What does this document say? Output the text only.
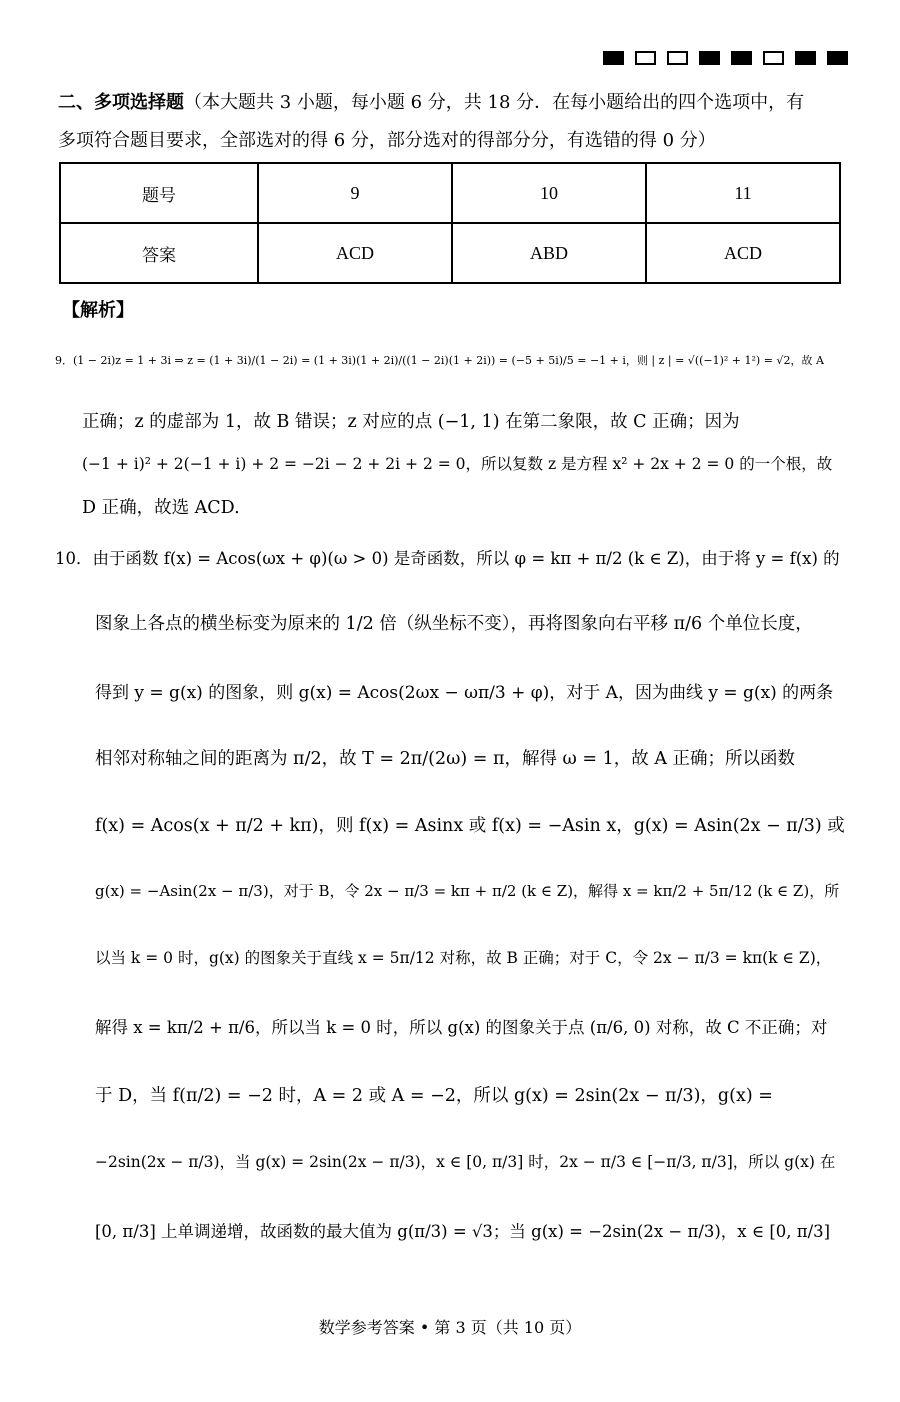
二、多项选择题（本大题共 3 小题，每小题 6 分，共 18 分．在每小题给出的四个选项中，有
多项符合题目要求，全部选对的得 6 分，部分选对的得部分分，有选错的得 0 分）
题号	9	10	11
答案	ACD	ABD	ACD
【解析】
9．(1 − 2i)z = 1 + 3i ⇒ z = (1 + 3i)/(1 − 2i) = (1 + 3i)(1 + 2i)/((1 − 2i)(1 + 2i)) = (−5 + 5i)/5 = −1 + i，则 | z | = √((−1)² + 1²) = √2，故 A
正确；z 的虚部为 1，故 B 错误；z 对应的点 (−1, 1) 在第二象限，故 C 正确；因为
(−1 + i)² + 2(−1 + i) + 2 = −2i − 2 + 2i + 2 = 0，所以复数 z 是方程 x² + 2x + 2 = 0 的一个根，故
D 正确，故选 ACD.
10．由于函数 f(x) = Acos(ωx + φ)(ω > 0) 是奇函数，所以 φ = kπ + π/2 (k ∈ Z)，由于将 y = f(x) 的
图象上各点的横坐标变为原来的 1/2 倍（纵坐标不变），再将图象向右平移 π/6 个单位长度，
得到 y = g(x) 的图象，则 g(x) = Acos(2ωx − ωπ/3 + φ)，对于 A，因为曲线 y = g(x) 的两条
相邻对称轴之间的距离为 π/2，故 T = 2π/(2ω) = π，解得 ω = 1，故 A 正确；所以函数
f(x) = Acos(x + π/2 + kπ)，则 f(x) = Asinx 或 f(x) = −Asin x，g(x) = Asin(2x − π/3) 或
g(x) = −Asin(2x − π/3)，对于 B，令 2x − π/3 = kπ + π/2 (k ∈ Z)，解得 x = kπ/2 + 5π/12 (k ∈ Z)，所
以当 k = 0 时，g(x) 的图象关于直线 x = 5π/12 对称，故 B 正确；对于 C，令 2x − π/3 = kπ(k ∈ Z)，
解得 x = kπ/2 + π/6，所以当 k = 0 时，所以 g(x) 的图象关于点 (π/6, 0) 对称，故 C 不正确；对
于 D，当 f(π/2) = −2 时，A = 2 或 A = −2，所以 g(x) = 2sin(2x − π/3)，g(x) =
−2sin(2x − π/3)，当 g(x) = 2sin(2x − π/3)，x ∈ [0, π/3] 时，2x − π/3 ∈ [−π/3, π/3]，所以 g(x) 在
[0, π/3] 上单调递增，故函数的最大值为 g(π/3) = √3；当 g(x) = −2sin(2x − π/3)，x ∈ [0, π/3]
数学参考答案 • 第 3 页（共 10 页）
